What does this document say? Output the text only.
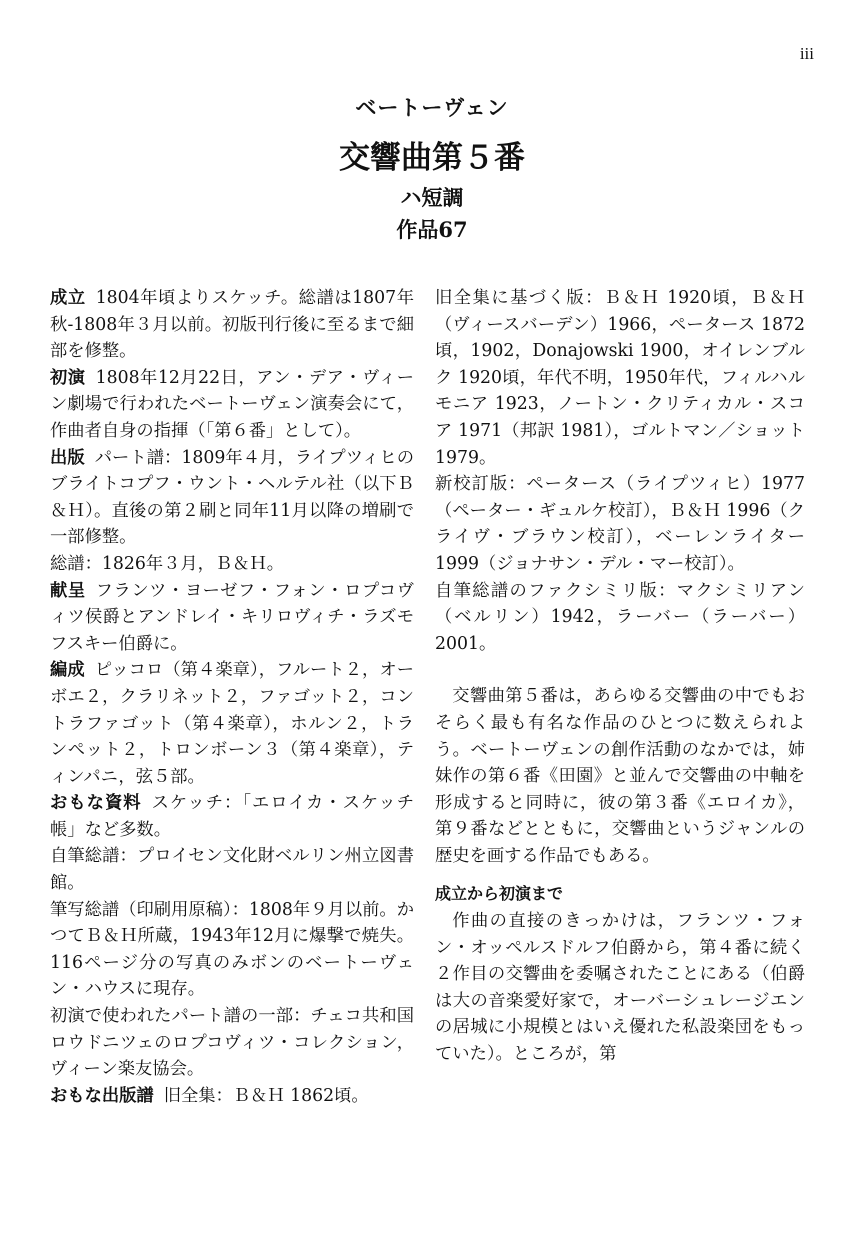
iii
ベートーヴェン
交響曲第５番
ハ短調
作品67

成立 1804年頃よりスケッチ。総譜は1807年秋‐1808年３月以前。初版刊行後に至るまで細部を修整。

初演 1808年12月22日，アン・デア・ヴィーン劇場で行われたベートーヴェン演奏会にて，作曲者自身の指揮（「第６番」として）。

出版 パート譜：1809年４月，ライプツィヒのブライトコプフ・ウント・ヘルテル社（以下Ｂ＆Ｈ）。直後の第２刷と同年11月以降の増刷で一部修整。

総譜：1826年３月，Ｂ＆Ｈ。

献呈 フランツ・ヨーゼフ・フォン・ロプコヴィツ侯爵とアンドレイ・キリロヴィチ・ラズモフスキー伯爵に。

編成 ピッコロ（第４楽章），フルート２，オーボエ２，クラリネット２，ファゴット２，コントラファゴット（第４楽章），ホルン２，トランペット２，トロンボーン３（第４楽章），ティンパニ，弦５部。

おもな資料 スケッチ：「エロイカ・スケッチ帳」など多数。

自筆総譜：プロイセン文化財ベルリン州立図書館。

筆写総譜（印刷用原稿）：1808年９月以前。かつてＢ＆Ｈ所蔵，1943年12月に爆撃で焼失。116ページ分の写真のみボンのベートーヴェン・ハウスに現存。

初演で使われたパート譜の一部：チェコ共和国ロウドニツェのロプコヴィツ・コレクション，ヴィーン楽友協会。

おもな出版譜 旧全集：Ｂ＆Ｈ 1862頃。

旧全集に基づく版：Ｂ＆Ｈ 1920頃，Ｂ＆Ｈ（ヴィースバーデン）1966，ペータース 1872頃，1902，Donajowski 1900，オイレンブルク 1920頃，年代不明，1950年代，フィルハルモニア 1923，ノートン・クリティカル・スコア 1971（邦訳 1981），ゴルトマン／ショット 1979。

新校訂版：ペータース（ライプツィヒ）1977（ペーター・ギュルケ校訂），Ｂ＆Ｈ 1996（クライヴ・ブラウン校訂），ベーレンライター 1999（ジョナサン・デル・マー校訂）。

自筆総譜のファクシミリ版：マクシミリアン（ベルリン）1942，ラーバー（ラーバー）2001。

交響曲第５番は，あらゆる交響曲の中でもおそらく最も有名な作品のひとつに数えられよう。ベートーヴェンの創作活動のなかでは，姉妹作の第６番《田園》と並んで交響曲の中軸を形成すると同時に，彼の第３番《エロイカ》，第９番などとともに，交響曲というジャンルの歴史を画する作品でもある。

成立から初演まで

作曲の直接のきっかけは，フランツ・フォン・オッペルスドルフ伯爵から，第４番に続く２作目の交響曲を委嘱されたことにある（伯爵は大の音楽愛好家で，オーバーシュレージエンの居城に小規模とはいえ優れた私設楽団をもっていた）。ところが，第
